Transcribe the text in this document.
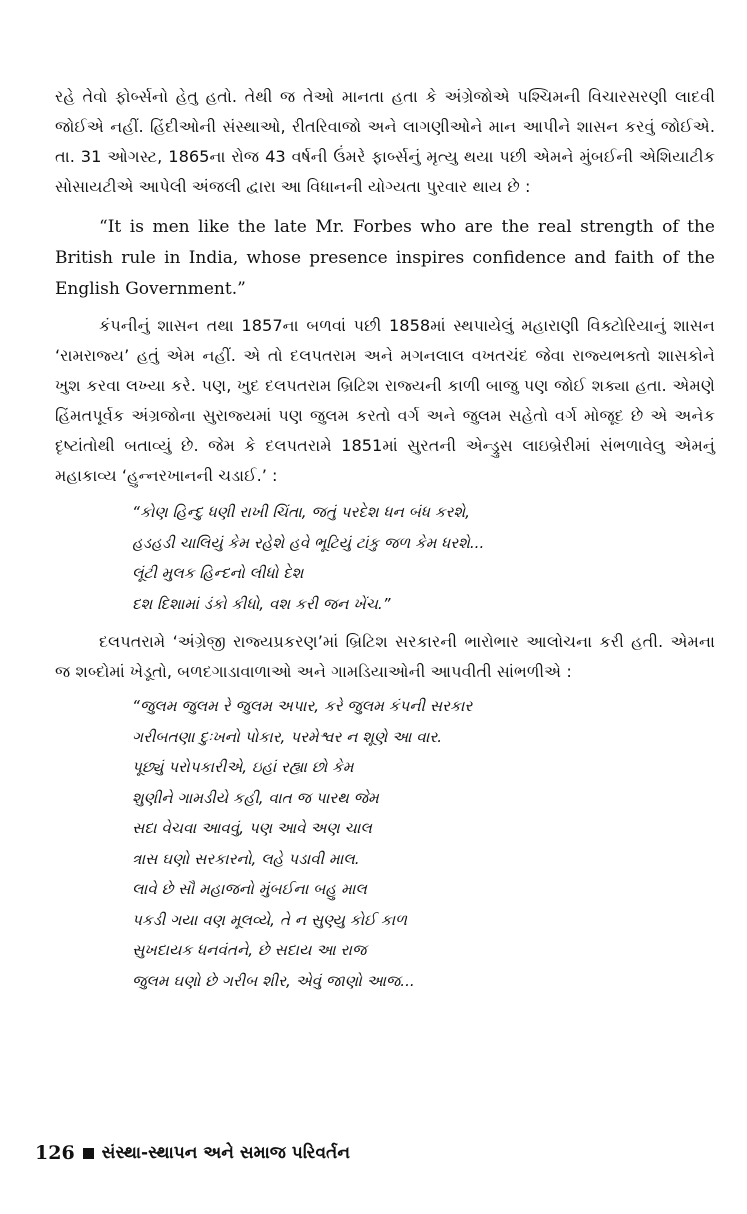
રહે તેવો ફોર્બ્સનો હેતુ હતો. તેથી જ તેઓ માનતા હતા કે અંગ્રેજોએ પશ્ચિમની વિચારસરણી લાદવી જોઈએ નહીં. હિંદીઓની સંસ્થાઓ, રીતરિવાજો અને લાગણીઓને માન આપીને શાસન કરવું જોઈએ. તા. 31 ઓગસ્ટ, 1865ના રોજ 43 વર્ષની ઉંમરે ફાર્બ્સનું મૃત્યુ થયા પછી એમને મુંબઈની એશિયાટીક સોસાયટીએ આપેલી અંજલી દ્વારા આ વિધાનની યોગ્યતા પુરવાર થાય છે :

“It is men like the late Mr. Forbes who are the real strength of the British rule in India, whose presence inspires confidence and faith of the English Government.”

કંપનીનું શાસન તથા 1857ના બળવાં પછી 1858માં સ્થપાયેલું મહારાણી વિક્ટોરિયાનું શાસન ‘રામરાજ્ય’ હતું એમ નહીં. એ તો દલપતરામ અને મગનલાલ વખતચંદ જેવા રાજ્યભક્તો શાસકોને ખુશ કરવા લખ્યા કરે. પણ, ખુદ દલપતરામ બ્રિટિશ રાજ્યની કાળી બાજુ પણ જોઈ શક્યા હતા. એમણે હિંમતપૂર્વક અંગ્રજોના સુરાજ્યમાં પણ જુલમ કરતો વર્ગ અને જુલમ સહેતો વર્ગ મોજૂદ છે એ અનેક દૃષ્ટાંતોથી બતાવ્યું છે. જેમ કે દલપતરામે 1851માં સુરતની એન્ડ્રુસ લાઇબ્રેરીમાં સંભળાવેલુ એમનું મહાકાવ્ય ‘હુન્નરખાનની ચડાઈ.’ :

“કોણ હિન્દુ ધણી રાખી ચિંતા, જતું પરદેશ ધન બંધ કરશે,
હડહડી ચાલિયું કેમ રહેશે હવે ભૂટિયું ટાંકુ જળ કેમ ધરશે...
લૂંટી મુલક હિન્દનો લીધો દેશ
દશ દિશામાં ડંકો કીધો, વશ કરી જન ખેંચ.”

દલપતરામે ‘અંગ્રેજી રાજ્યપ્રકરણ’માં બ્રિટિશ સરકારની ભારોભાર આલોચના કરી હતી. એમના જ શબ્દોમાં ખેડૂતો, બળદગાડાવાળાઓ અને ગામડિયાઓની આપવીતી સાંભળીએ :

“જુલમ જુલમ રે જુલમ અપાર, કરે જુલમ કંપની સરકાર
ગરીબતણા દુઃખનો પોકાર, પરમેશ્વર ન શૂણે આ વાર.
પૂછ્યું પરોપકારીએ, ઇહાં રહ્યા છો કેમ
શુણીને ગામડીયે કહી, વાત જ પારથ જેમ
સદા વેચવા આવવું, પણ આવે અણ ચાલ
ત્રાસ ઘણો સરકારનો, લહે પડાવી માલ.
લાવે છે સૌ મહાજનો મુંબઈના બહુ માલ
પકડી ગયા વણ મૂલવ્યે, તે ન સુણ્યુ કોઈ કાળ
સુખદાયક ધનવંતને, છે સદાય આ રાજ
જુલમ ઘણો છે ગરીબ શીર, એવું જાણો આજ...
126 સંસ્થા-સ્થાપન અને સમાજ પરિવર્તન
